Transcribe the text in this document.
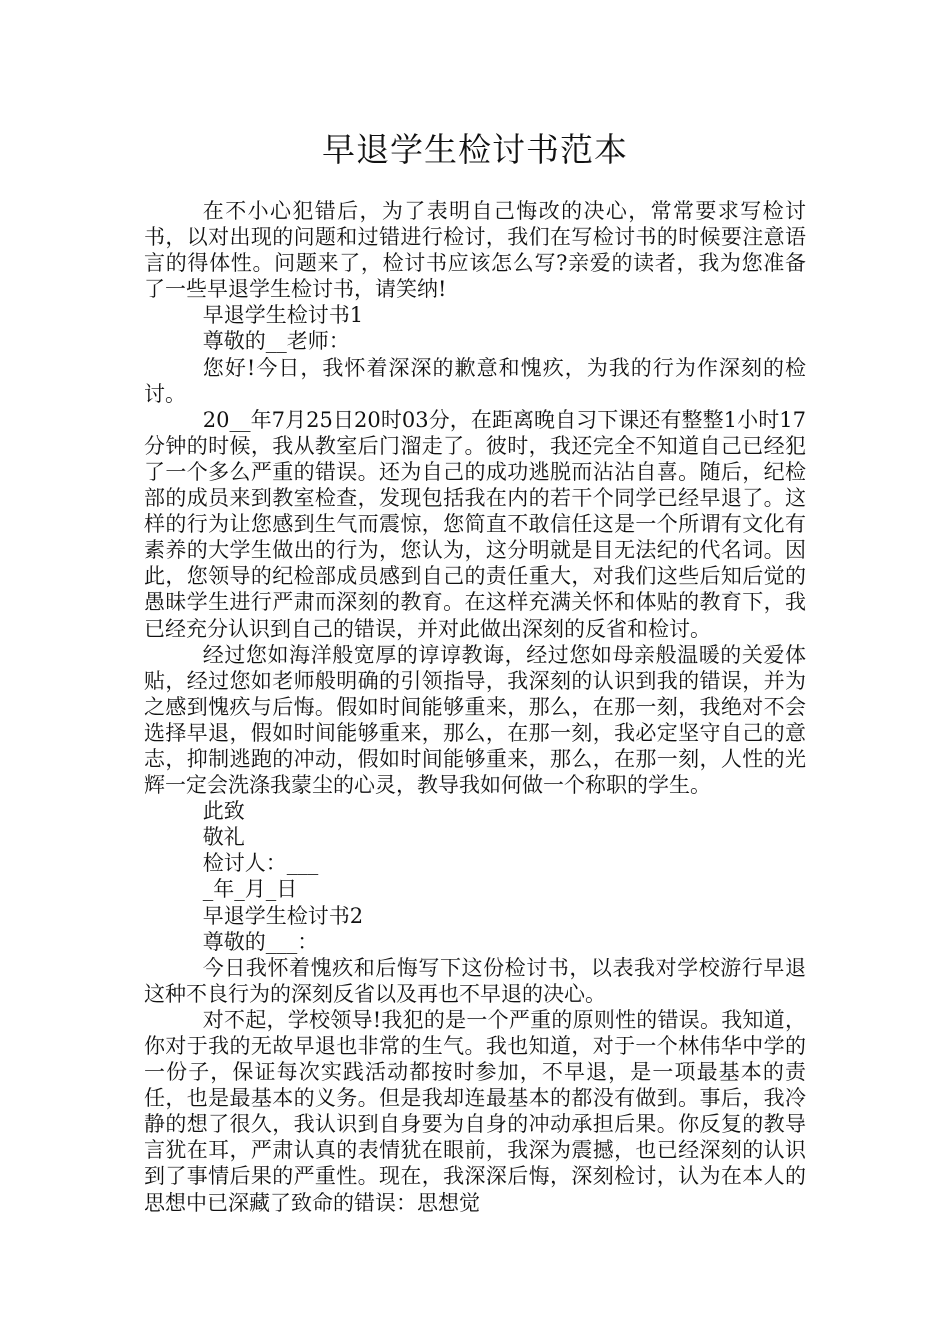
早退学生检讨书范本

在不小心犯错后，为了表明自己悔改的决心，常常要求写检讨书，以对出现的问题和过错进行检讨，我们在写检讨书的时候要注意语言的得体性。问题来了，检讨书应该怎么写?亲爱的读者，我为您准备了一些早退学生检讨书，请笑纳!

早退学生检讨书1

尊敬的__老师：

您好!今日，我怀着深深的歉意和愧疚，为我的行为作深刻的检讨。

20__年7月25日20时03分，在距离晚自习下课还有整整1小时17分钟的时候，我从教室后门溜走了。彼时，我还完全不知道自己已经犯了一个多么严重的错误。还为自己的成功逃脱而沾沾自喜。随后，纪检部的成员来到教室检查，发现包括我在内的若干个同学已经早退了。这样的行为让您感到生气而震惊，您简直不敢信任这是一个所谓有文化有素养的大学生做出的行为，您认为，这分明就是目无法纪的代名词。因此，您领导的纪检部成员感到自己的责任重大，对我们这些后知后觉的愚昧学生进行严肃而深刻的教育。在这样充满关怀和体贴的教育下，我已经充分认识到自己的错误，并对此做出深刻的反省和检讨。

经过您如海洋般宽厚的谆谆教诲，经过您如母亲般温暖的关爱体贴，经过您如老师般明确的引领指导，我深刻的认识到我的错误，并为之感到愧疚与后悔。假如时间能够重来，那么，在那一刻，我绝对不会选择早退，假如时间能够重来，那么，在那一刻，我必定坚守自己的意志，抑制逃跑的冲动，假如时间能够重来，那么，在那一刻，人性的光辉一定会洗涤我蒙尘的心灵，教导我如何做一个称职的学生。

此致

敬礼

检讨人：___

_年_月_日

早退学生检讨书2

尊敬的___：

今日我怀着愧疚和后悔写下这份检讨书，以表我对学校游行早退这种不良行为的深刻反省以及再也不早退的决心。

对不起，学校领导!我犯的是一个严重的原则性的错误。我知道，你对于我的无故早退也非常的生气。我也知道，对于一个林伟华中学的一份子，保证每次实践活动都按时参加，不早退，是一项最基本的责任，也是最基本的义务。但是我却连最基本的都没有做到。事后，我冷静的想了很久，我认识到自身要为自身的冲动承担后果。你反复的教导言犹在耳，严肃认真的表情犹在眼前，我深为震撼，也已经深刻的认识到了事情后果的严重性。现在，我深深后悔，深刻检讨，认为在本人的思想中已深藏了致命的错误：思想觉
